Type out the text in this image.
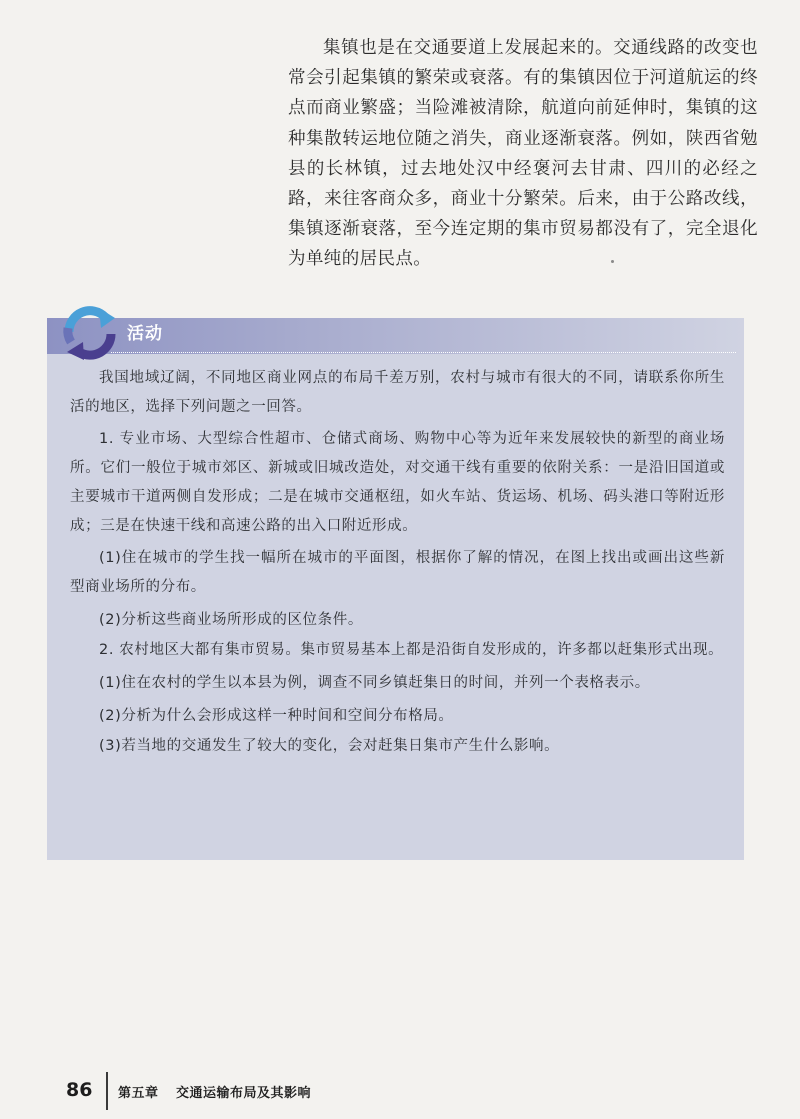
集镇也是在交通要道上发展起来的。交通线路的改变也常会引起集镇的繁荣或衰落。有的集镇因位于河道航运的终点而商业繁盛；当险滩被清除，航道向前延伸时，集镇的这种集散转运地位随之消失，商业逐渐衰落。例如，陕西省勉县的长林镇，过去地处汉中经褒河去甘肃、四川的必经之路，来往客商众多，商业十分繁荣。后来，由于公路改线，集镇逐渐衰落，至今连定期的集市贸易都没有了，完全退化为单纯的居民点。

活动

我国地域辽阔，不同地区商业网点的布局千差万别，农村与城市有很大的不同，请联系你所生活的地区，选择下列问题之一回答。

1. 专业市场、大型综合性超市、仓储式商场、购物中心等为近年来发展较快的新型的商业场所。它们一般位于城市郊区、新城或旧城改造处，对交通干线有重要的依附关系：一是沿旧国道或主要城市干道两侧自发形成；二是在城市交通枢纽，如火车站、货运场、机场、码头港口等附近形成；三是在快速干线和高速公路的出入口附近形成。

(1)住在城市的学生找一幅所在城市的平面图，根据你了解的情况，在图上找出或画出这些新型商业场所的分布。

(2)分析这些商业场所形成的区位条件。

2. 农村地区大都有集市贸易。集市贸易基本上都是沿街自发形成的，许多都以赶集形式出现。

(1)住在农村的学生以本县为例，调查不同乡镇赶集日的时间，并列一个表格表示。

(2)分析为什么会形成这样一种时间和空间分布格局。

(3)若当地的交通发生了较大的变化，会对赶集日集市产生什么影响。

86 第五章 交通运输布局及其影响
